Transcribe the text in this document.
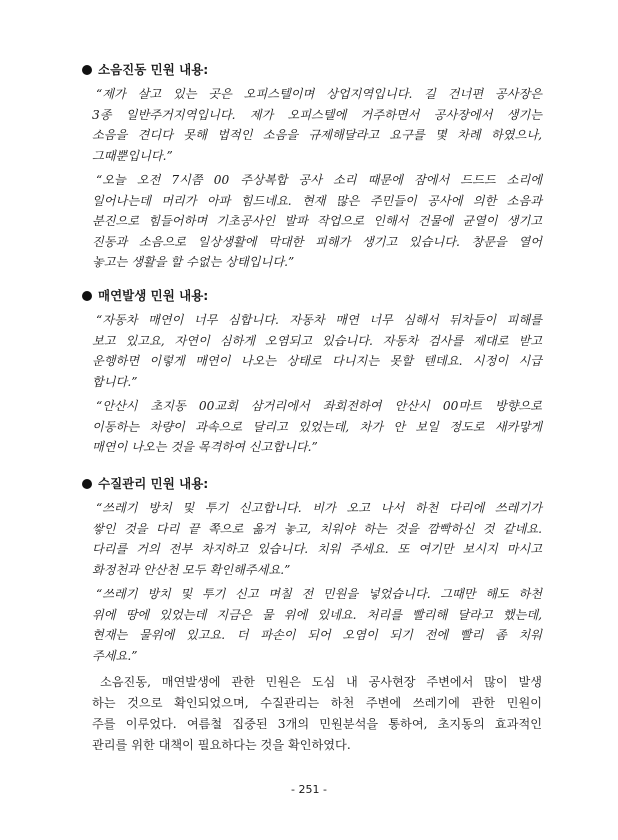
소음진동 민원 내용:
“제가 살고 있는 곳은 오피스텔이며 상업지역입니다. 길 건너편 공사장은
3종 일반주거지역입니다. 제가 오피스텔에 거주하면서 공사장에서 생기는
소음을 견디다 못해 법적인 소음을 규제해달라고 요구를 몇 차례 하였으나,
그때뿐입니다.”
“오늘 오전 7시쯤 00 주상복합 공사 소리 때문에 잠에서 드드드 소리에
일어나는데 머리가 아파 힘드네요. 현재 많은 주민들이 공사에 의한 소음과
분진으로 힘들어하며 기초공사인 발파 작업으로 인해서 건물에 균열이 생기고
진동과 소음으로 일상생활에 막대한 피해가 생기고 있습니다. 창문을 열어
놓고는 생활을 할 수없는 상태입니다.”
매연발생 민원 내용:
“자동차 매연이 너무 심합니다. 자동차 매연 너무 심해서 뒤차들이 피해를
보고 있고요, 자연이 심하게 오염되고 있습니다. 자동차 검사를 제대로 받고
운행하면 이렇게 매연이 나오는 상태로 다니지는 못할 텐데요. 시정이 시급
합니다.”
“안산시 초지동 00교회 삼거리에서 좌회전하여 안산시 00마트 방향으로
이동하는 차량이 과속으로 달리고 있었는데, 차가 안 보일 정도로 새카맣게
매연이 나오는 것을 목격하여 신고합니다.”
수질관리 민원 내용:
“쓰레기 방치 및 투기 신고합니다. 비가 오고 나서 하천 다리에 쓰레기가
쌓인 것을 다리 끝 쪽으로 옮겨 놓고, 치워야 하는 것을 깜빡하신 것 같네요.
다리를 거의 전부 차지하고 있습니다. 치워 주세요. 또 여기만 보시지 마시고
화정천과 안산천 모두 확인해주세요.”
“쓰레기 방치 및 투기 신고 며칠 전 민원을 넣었습니다. 그때만 해도 하천
위에 땅에 있었는데 지금은 물 위에 있네요. 처리를 빨리해 달라고 했는데,
현재는 물위에 있고요. 더 파손이 되어 오염이 되기 전에 빨리 좀 치워
주세요.”
소음진동, 매연발생에 관한 민원은 도심 내 공사현장 주변에서 많이 발생
하는 것으로 확인되었으며, 수질관리는 하천 주변에 쓰레기에 관한 민원이
주를 이루었다. 여름철 집중된 3개의 민원분석을 통하여, 초지동의 효과적인
관리를 위한 대책이 필요하다는 것을 확인하였다.
- 251 -
